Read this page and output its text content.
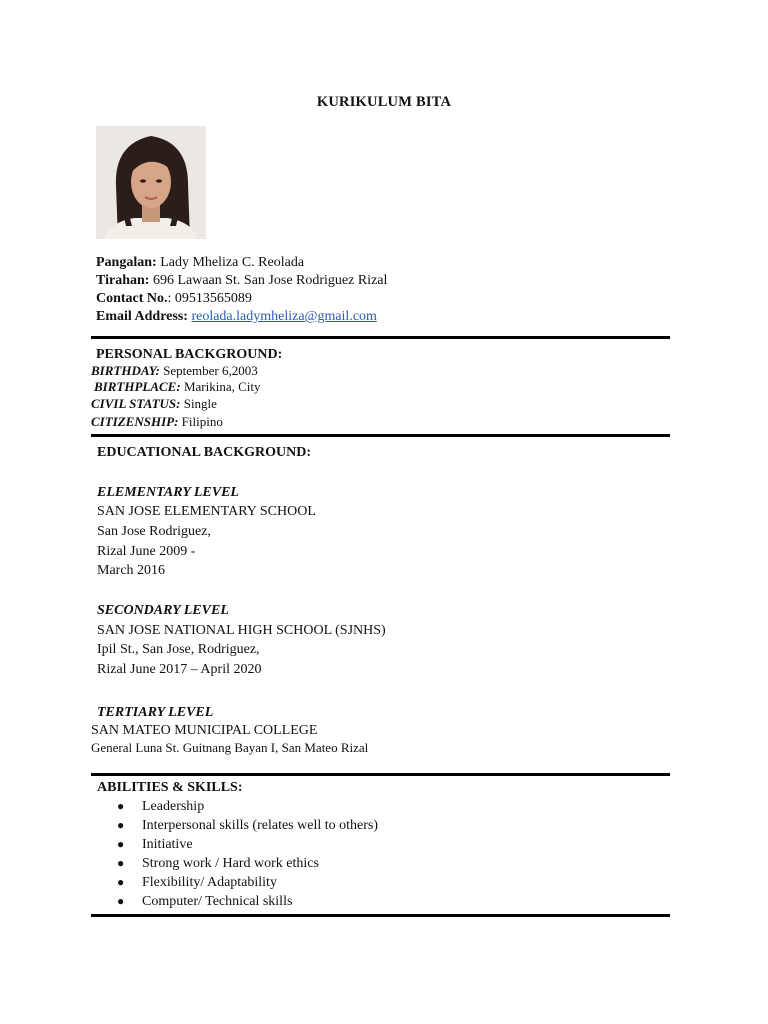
KURIKULUM BITA
Pangalan: Lady Mheliza C. Reolada
Tirahan: 696 Lawaan St. San Jose Rodriguez Rizal
Contact No.: 09513565089
Email Address: reolada.ladymheliza@gmail.com
PERSONAL BACKGROUND:
BIRTHDAY: September 6,2003
BIRTHPLACE: Marikina, City
CIVIL STATUS: Single
CITIZENSHIP: Filipino
EDUCATIONAL BACKGROUND:
ELEMENTARY LEVEL
SAN JOSE ELEMENTARY SCHOOL
San Jose Rodriguez,
Rizal June 2009 -
March 2016
SECONDARY LEVEL
SAN JOSE NATIONAL HIGH SCHOOL (SJNHS)
Ipil St., San Jose, Rodriguez,
Rizal June 2017 – April 2020
TERTIARY LEVEL
SAN MATEO MUNICIPAL COLLEGE
General Luna St. Guitnang Bayan I, San Mateo Rizal
ABILITIES & SKILLS:
● Leadership
● Interpersonal skills (relates well to others)
● Initiative
● Strong work / Hard work ethics
● Flexibility/ Adaptability
● Computer/ Technical skills
